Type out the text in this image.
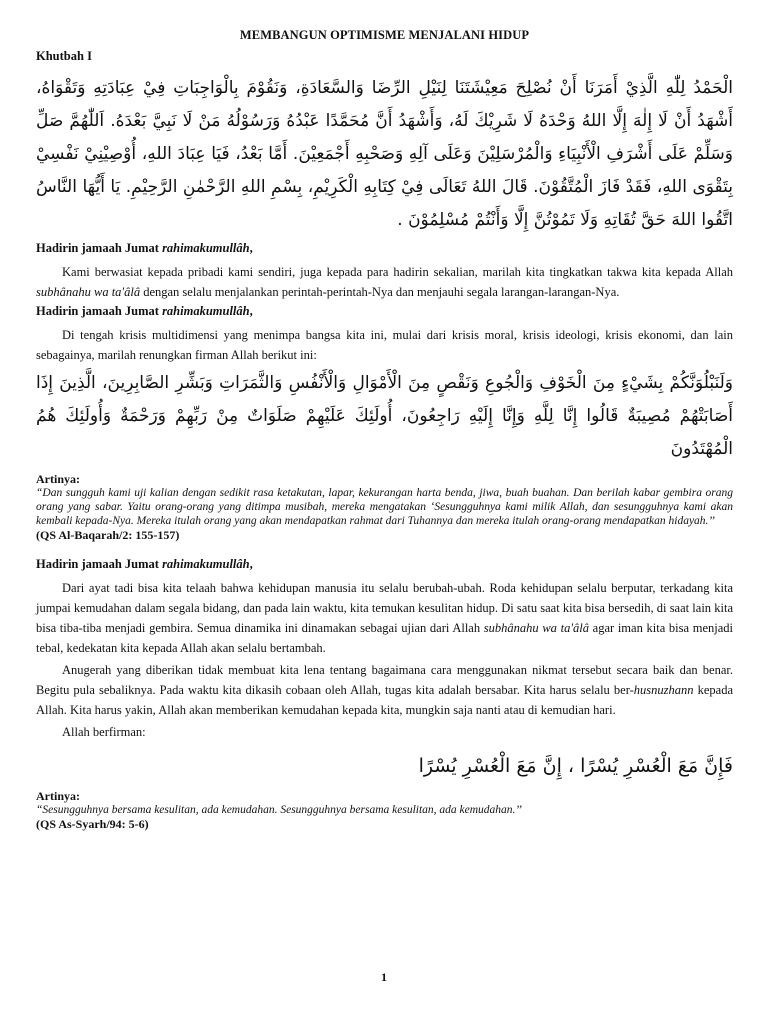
MEMBANGUN OPTIMISME MENJALANI HIDUP
Khutbah I

الْحَمْدُ لِلّٰهِ الَّذِيْ أَمَرَنَا أَنْ نُصْلِحَ مَعِيْشَتَنَا لِنَيْلِ الرِّضَا وَالسَّعَادَةِ، وَنَقُوْمَ بِالْوَاجِبَاتِ فِيْ عِبَادَتِهِ وَتَقْوَاهُ، أَشْهَدُ أَنْ لَا إِلٰهَ إِلَّا اللهُ وَحْدَهُ لَا شَرِيْكَ لَهُ، وَأَشْهَدُ أَنَّ مُحَمَّدًا عَبْدُهُ وَرَسُوْلُهُ مَنْ لَا نَبِيَّ بَعْدَهُ. اَللّٰهُمَّ صَلِّ وَسَلِّمْ عَلَى أَشْرَفِ الْأَنْبِيَاءِ وَالْمُرْسَلِيْنَ وَعَلَى آلِهِ وَصَحْبِهِ أَجْمَعِيْنَ. أَمَّا بَعْدُ، فَيَا عِبَادَ اللهِ، أُوْصِيْنِيْ نَفْسِيْ بِتَقْوَى اللهِ، فَقَدْ فَازَ الْمُتَّقُوْنَ. قَالَ اللهُ تَعَالَى فِيْ كِتَابِهِ الْكَرِيْمِ، بِسْمِ اللهِ الرَّحْمٰنِ الرَّحِيْمِ. يَا أَيُّهَا النَّاسُ اتَّقُوا اللهَ حَقَّ تُقَاتِهِ وَلَا تَمُوْتُنَّ إِلَّا وَأَنْتُمْ مُسْلِمُوْنَ .

Hadirin jamaah Jumat rahimakumullâh,

Kami berwasiat kepada pribadi kami sendiri, juga kepada para hadirin sekalian, marilah kita tingkatkan takwa kita kepada Allah subhânahu wa ta'âlâ dengan selalu menjalankan perintah-perintah-Nya dan menjauhi segala larangan-larangan-Nya.

Hadirin jamaah Jumat rahimakumullâh,

Di tengah krisis multidimensi yang menimpa bangsa kita ini, mulai dari krisis moral, krisis ideologi, krisis ekonomi, dan lain sebagainya, marilah renungkan firman Allah berikut ini:

وَلَنَبْلُوَنَّكُمْ بِشَيْءٍ مِنَ الْخَوْفِ وَالْجُوعِ وَنَقْصٍ مِنَ الْأَمْوَالِ وَالْأَنْفُسِ وَالثَّمَرَاتِ وَبَشِّرِ الصَّابِرِينَ، الَّذِينَ إِذَا أَصَابَتْهُمْ مُصِيبَةٌ قَالُوا إِنَّا لِلَّهِ وَإِنَّا إِلَيْهِ رَاجِعُونَ، أُولَئِكَ عَلَيْهِمْ صَلَوَاتٌ مِنْ رَبِّهِمْ وَرَحْمَةٌ وَأُولَئِكَ هُمُ الْمُهْتَدُونَ

Artinya:

“Dan sungguh kami uji kalian dengan sedikit rasa ketakutan, lapar, kekurangan harta benda, jiwa, buah buahan. Dan berilah kabar gembira orang orang yang sabar. Yaitu orang-orang yang ditimpa musibah, mereka mengatakan ‘Sesungguhnya kami milik Allah, dan sesungguhnya kami akan kembali kepada-Nya. Mereka itulah orang yang akan mendapatkan rahmat dari Tuhannya dan mereka itulah orang-orang mendapatkan hidayah.’’

(QS Al-Baqarah/2: 155-157)
Hadirin jamaah Jumat rahimakumullâh,

Dari ayat tadi bisa kita telaah bahwa kehidupan manusia itu selalu berubah-ubah. Roda kehidupan selalu berputar, terkadang kita jumpai kemudahan dalam segala bidang, dan pada lain waktu, kita temukan kesulitan hidup. Di satu saat kita bisa bersedih, di saat lain kita bisa tiba-tiba menjadi gembira. Semua dinamika ini dinamakan sebagai ujian dari Allah subhânahu wa ta'âlâ agar iman kita bisa menjadi tebal, kedekatan kita kepada Allah akan selalu bertambah.

Anugerah yang diberikan tidak membuat kita lena tentang bagaimana cara menggunakan nikmat tersebut secara baik dan benar. Begitu pula sebaliknya. Pada waktu kita dikasih cobaan oleh Allah, tugas kita adalah bersabar. Kita harus selalu ber-husnuzhann kepada Allah. Kita harus yakin, Allah akan memberikan kemudahan kepada kita, mungkin saja nanti atau di kemudian hari.

Allah berfirman:

فَإِنَّ مَعَ الْعُسْرِ يُسْرًا ، إِنَّ مَعَ الْعُسْرِ يُسْرًا

Artinya:

“Sesungguhnya bersama kesulitan, ada kemudahan. Sesungguhnya bersama kesulitan, ada kemudahan.’’

(QS As-Syarh/94: 5-6)
1
